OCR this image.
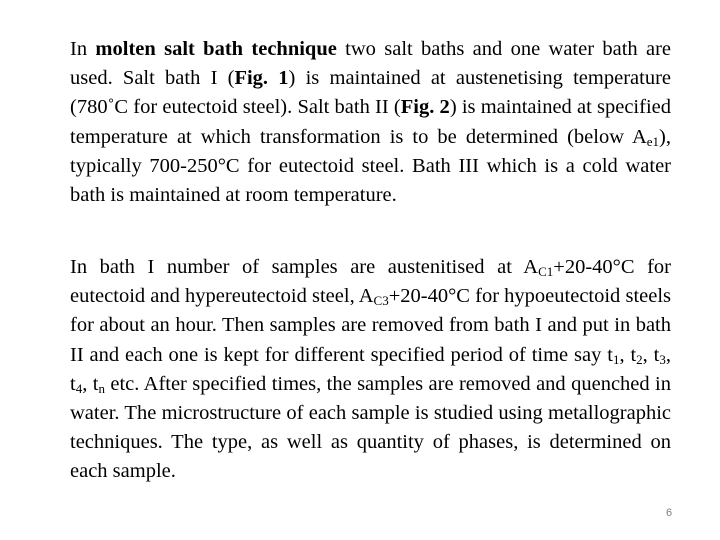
In molten salt bath technique two salt baths and one water bath are used. Salt bath I (Fig. 1) is maintained at austenetising temperature (780˚C for eutectoid steel). Salt bath II (Fig. 2) is maintained at specified temperature at which transformation is to be determined (below $A_{e1}$), typically 700-250°C for eutectoid steel. Bath III which is a cold water bath is maintained at room temperature.

In bath I number of samples are austenitised at $A_{C1}+20-40^\circ C$ for eutectoid and hypereutectoid steel, $A_{C3}+20-40^\circ C$ for hypoeutectoid steels for about an hour. Then samples are removed from bath I and put in bath II and each one is kept for different specified period of time say $t_1$, $t_2$, $t_3$, $t_4$, $t_n$ etc. After specified times, the samples are removed and quenched in water. The microstructure of each sample is studied using metallographic techniques. The type, as well as quantity of phases, is determined on each sample.

6
